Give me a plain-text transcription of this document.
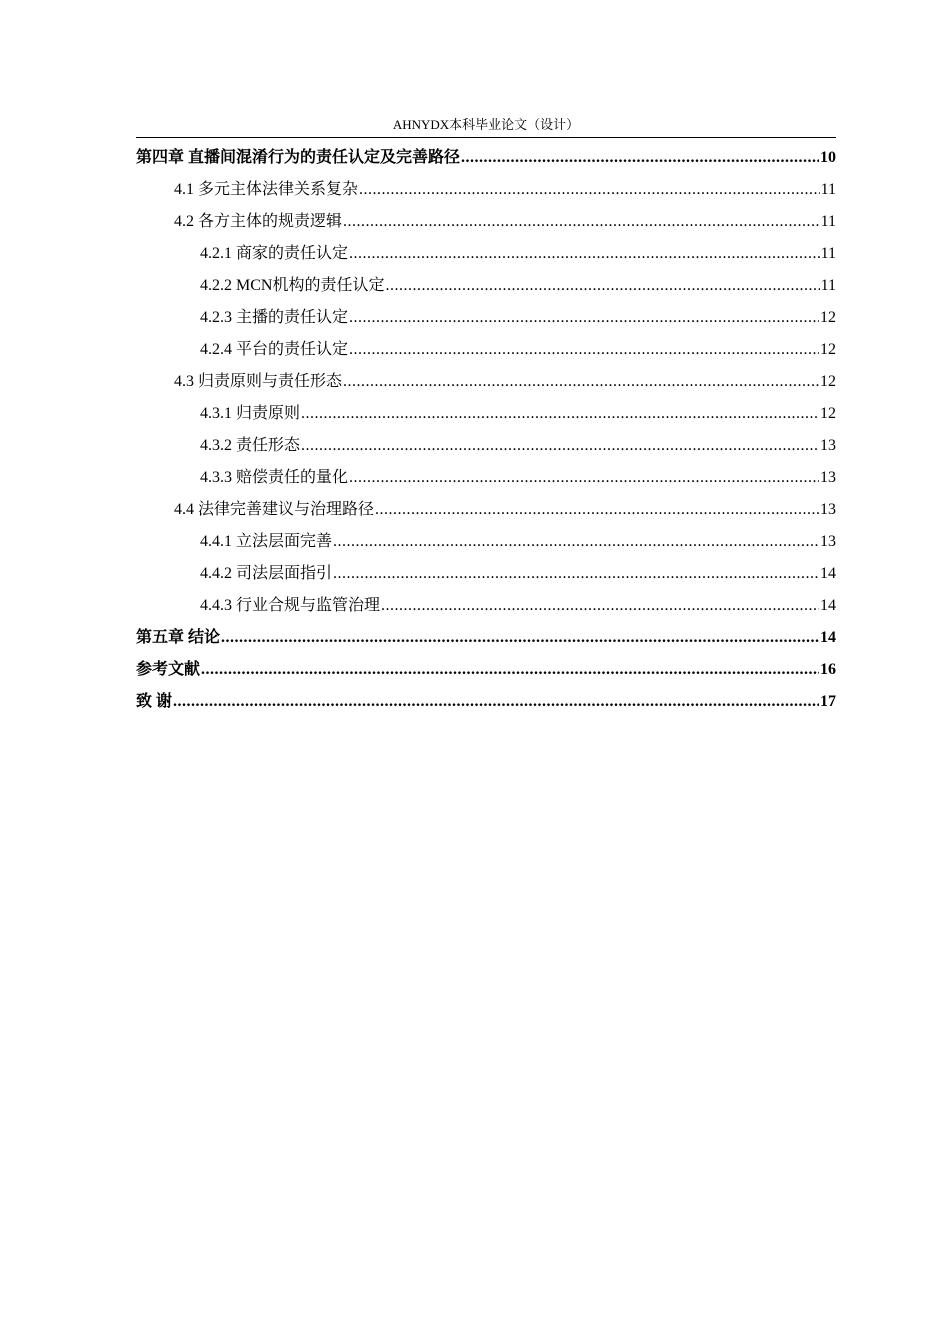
AHNYDX本科毕业论文（设计）
第四章 直播间混淆行为的责任认定及完善路径 .....	10
4.1 多元主体法律关系复杂 .....	11
4.2 各方主体的规责逻辑 .....	11
4.2.1 商家的责任认定 .....	11
4.2.2 MCN机构的责任认定 .....	11
4.2.3 主播的责任认定 .....	12
4.2.4 平台的责任认定 .....	12
4.3 归责原则与责任形态 .....	12
4.3.1 归责原则 .....	12
4.3.2 责任形态 .....	13
4.3.3 赔偿责任的量化 .....	13
4.4 法律完善建议与治理路径 .....	13
4.4.1 立法层面完善 .....	13
4.4.2 司法层面指引 .....	14
4.4.3 行业合规与监管治理 .....	14
第五章 结论 .....	14
参考文献 .....	16
致 谢 .....	17
